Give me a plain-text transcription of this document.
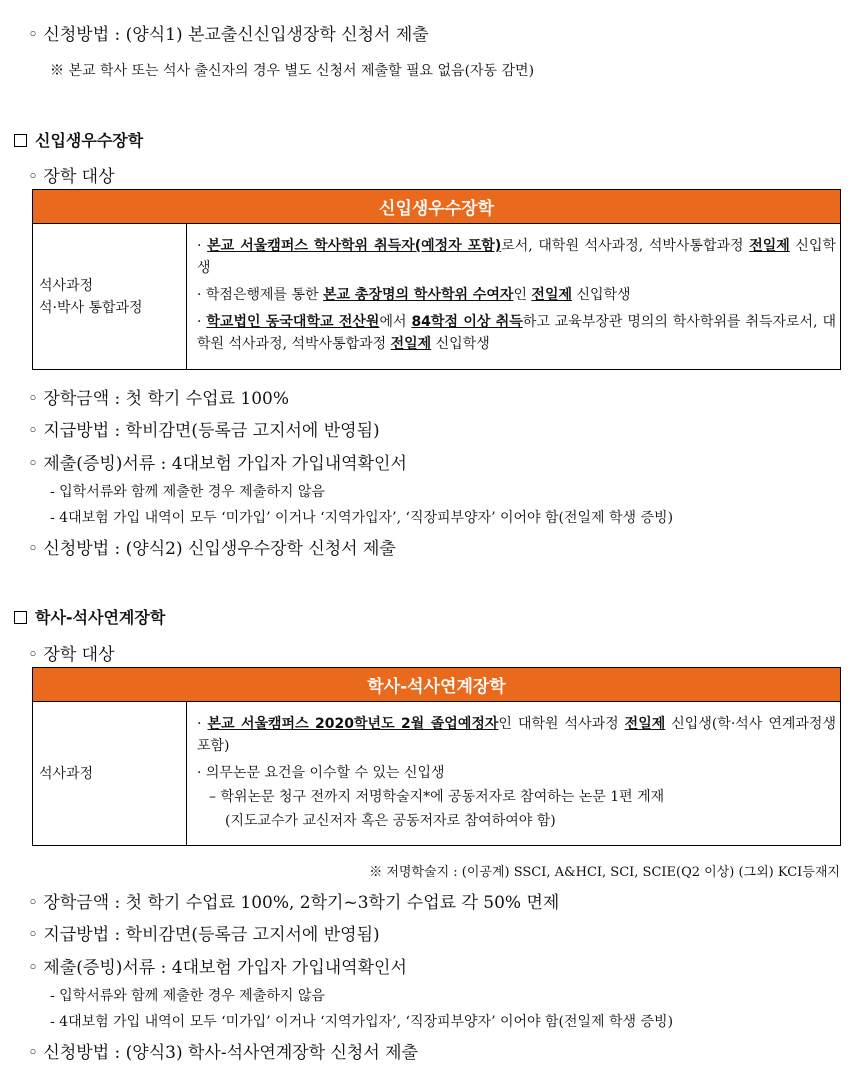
◦ 신청방법 : (양식1) 본교출신신입생장학 신청서 제출
※ 본교 학사 또는 석사 출신자의 경우 별도 신청서 제출할 필요 없음(자동 감면)
신입생우수장학
◦ 장학 대상
신입생우수장학

석사과정
석·박사 통합과정

· 본교 서울캠퍼스 학사학위 취득자(예정자 포함)로서, 대학원 석사과정, 석박사통합과정 전일제 신입학생

· 학점은행제를 통한 본교 총장명의 학사학위 수여자인 전일제 신입학생

· 학교법인 동국대학교 전산원에서 84학점 이상 취득하고 교육부장관 명의의 학사학위를 취득자로서, 대학원 석사과정, 석박사통합과정 전일제 신입학생

◦ 장학금액 : 첫 학기 수업료 100%
◦ 지급방법 : 학비감면(등록금 고지서에 반영됨)
◦ 제출(증빙)서류 : 4대보험 가입자 가입내역확인서
- 입학서류와 함께 제출한 경우 제출하지 않음
- 4대보험 가입 내역이 모두 ‘미가입’ 이거나 ‘지역가입자’, ‘직장피부양자’ 이어야 함(전일제 학생 증빙)
◦ 신청방법 : (양식2) 신입생우수장학 신청서 제출
학사-석사연계장학
◦ 장학 대상
학사-석사연계장학
석사과정	

· 본교 서울캠퍼스 2020학년도 2월 졸업예정자인 대학원 석사과정 전일제 신입생(학·석사 연계과정생 포함)

· 의무논문 요건을 이수할 수 있는 신입생

– 학위논문 청구 전까지 저명학술지*에 공동저자로 참여하는 논문 1편 게재

(지도교수가 교신저자 혹은 공동저자로 참여하여야 함)

※ 저명학술지 : (이공계) SSCI, A&HCI, SCI, SCIE(Q2 이상) (그외) KCI등재지
◦ 장학금액 : 첫 학기 수업료 100%, 2학기~3학기 수업료 각 50% 면제
◦ 지급방법 : 학비감면(등록금 고지서에 반영됨)
◦ 제출(증빙)서류 : 4대보험 가입자 가입내역확인서
- 입학서류와 함께 제출한 경우 제출하지 않음
- 4대보험 가입 내역이 모두 ‘미가입’ 이거나 ‘지역가입자’, ‘직장피부양자’ 이어야 함(전일제 학생 증빙)
◦ 신청방법 : (양식3) 학사-석사연계장학 신청서 제출
